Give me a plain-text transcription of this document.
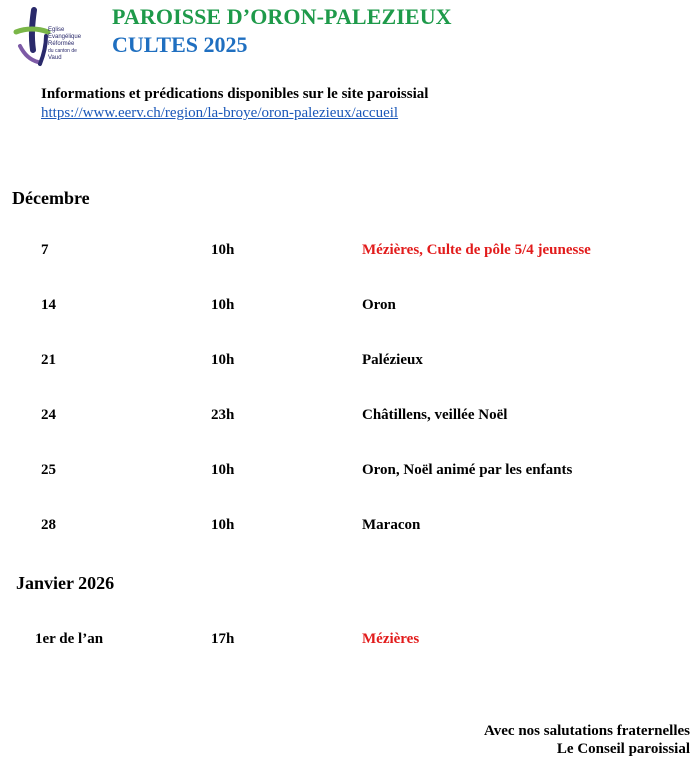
Eglise
Evangélique
Réformée
du canton de
Vaud
PAROISSE D’ORON-PALEZIEUX
CULTES 2025
Informations et prédications disponibles sur le site paroissial
https://www.eerv.ch/region/la-broye/oron-palezieux/accueil
Décembre
7	10h	Mézières, Culte de pôle 5/4 jeunesse
14	10h	Oron
21	10h	Palézieux
24	23h	Châtillens, veillée Noël
25	10h	Oron, Noël animé par les enfants
28	10h	Maracon
Janvier 2026
1er de l’an	17h	Mézières
Avec nos salutations fraternelles
Le Conseil paroissial
